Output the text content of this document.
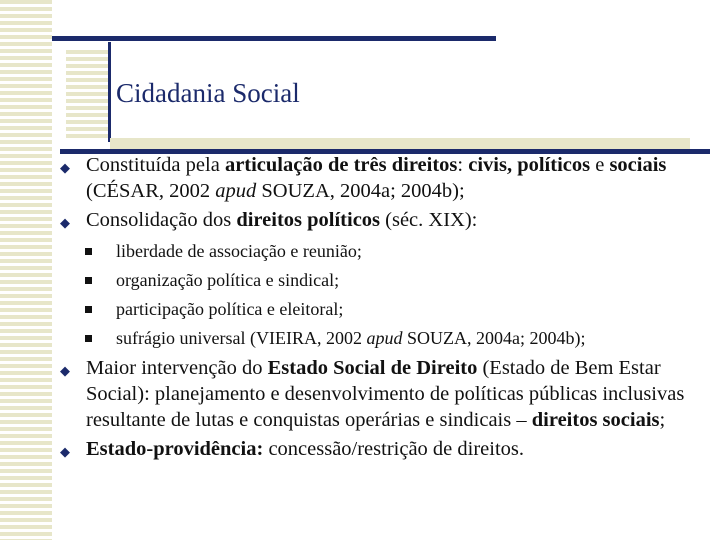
Cidadania Social
◆ Constituída pela articulação de três direitos: civis, políticos e sociais (CÉSAR, 2002 apud SOUZA, 2004a; 2004b);
◆ Consolidação dos direitos políticos (séc. XIX):
liberdade de associação e reunião;
organização política e sindical;
participação política e eleitoral;
sufrágio universal (VIEIRA, 2002 apud SOUZA, 2004a; 2004b);
◆ Maior intervenção do Estado Social de Direito (Estado de Bem Estar Social): planejamento e desenvolvimento de políticas públicas inclusivas resultante de lutas e conquistas operárias e sindicais – direitos sociais;
◆ Estado-providência: concessão/restrição de direitos.
